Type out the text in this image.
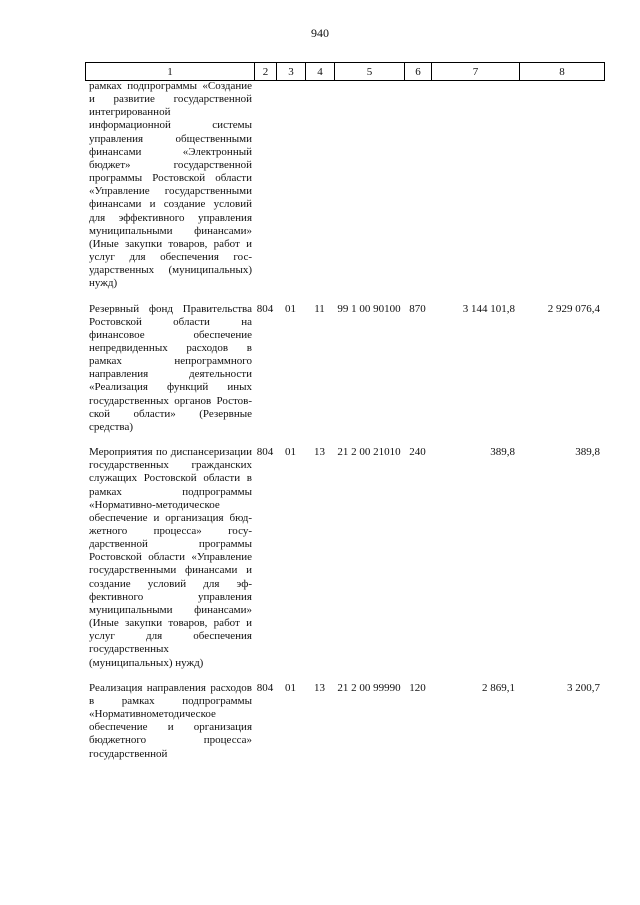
940
1	2	3	4	5	6	7	8
рамках подпрограммы «Создание и развитие государственной интегрированной информационной системы управления общественными финансами «Электронный бюджет» государственной программы Ростовской области «Управление государственными финансами и создание условий для эффективного управления муниципальными финансами» (Иные закупки товаров, работ и услуг для обеспечения государственных (муниципальных) нужд)							

Резервный фонд Правительства Ростовской области на финансовое обеспечение непредвиденных расходов в рамках непрограммного направления деятельности «Реализация функций иных государственных органов Ростовской области» (Резервные средства)	804	01	11	99 1 00 90100	870	3 144 101,8	2 929 076,4

Мероприятия по диспансеризации государственных гражданских служащих Ростовской области в рамках подпрограммы «Нормативно-методическое обеспечение и организация бюджетного процесса» государственной программы Ростовской области «Управление государственными финансами и создание условий для эффективного управления муниципальными финансами» (Иные закупки товаров, работ и услуг для обеспечения государственных (муниципальных) нужд)	804	01	13	21 2 00 21010	240	389,8	389,8

Реализация направления расходов в рамках подпрограммы «Нормативнометодическое обеспечение и организация бюджетного процесса» государственной	804	01	13	21 2 00 99990	120	2 869,1	3 200,7
